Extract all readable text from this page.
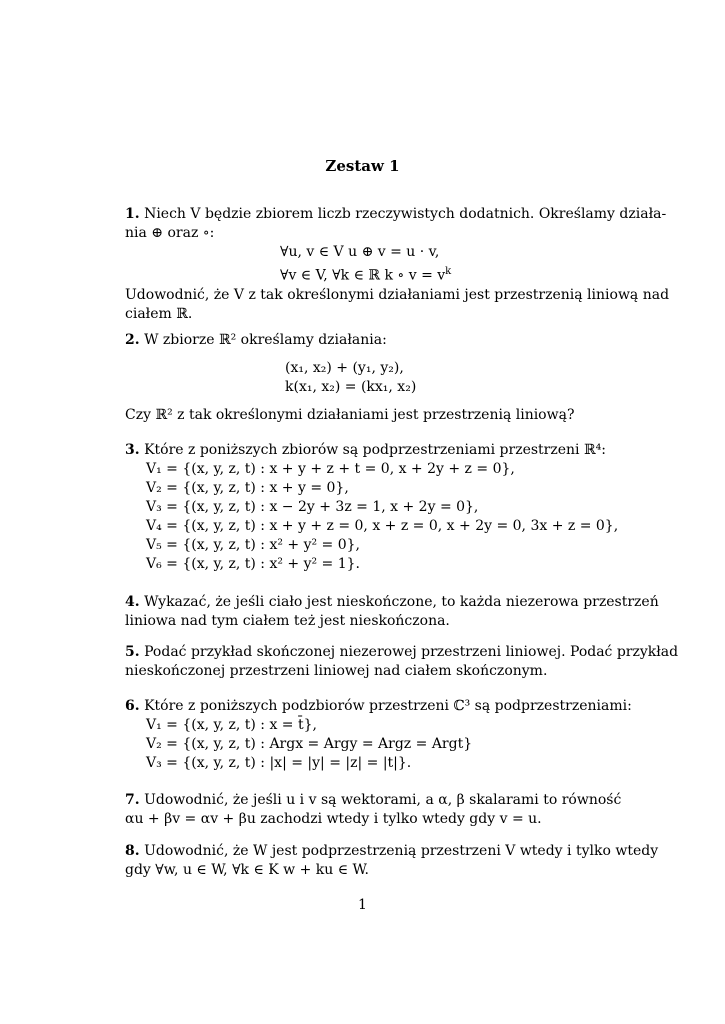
Zestaw 1
1. Niech V będzie zbiorem liczb rzeczywistych dodatnich. Określamy działa-
nia ⊕ oraz ∘:
∀u, v ∈ V u ⊕ v = u · v,
∀v ∈ V, ∀k ∈ ℝ k ∘ $v = v^k$
Udowodnić, że V z tak określonymi działaniami jest przestrzenią liniową nad
ciałem ℝ.
2. W zbiorze ℝ² określamy działania:
(x₁, x₂) + (y₁, y₂),
k(x₁, x₂) = (kx₁, x₂)
Czy ℝ² z tak określonymi działaniami jest przestrzenią liniową?
3. Które z poniższych zbiorów są podprzestrzeniami przestrzeni ℝ⁴:
V₁ = {(x, y, z, t) : x + y + z + t = 0, x + 2y + z = 0},
V₂ = {(x, y, z, t) : x + y = 0},
V₃ = {(x, y, z, t) : x − 2y + 3z = 1, x + 2y = 0},
V₄ = {(x, y, z, t) : x + y + z = 0, x + z = 0, x + 2y = 0, 3x + z = 0},
V₅ = {(x, y, z, t) : x² + y² = 0},
V₆ = {(x, y, z, t) : x² + y² = 1}.
4. Wykazać, że jeśli ciało jest nieskończone, to każda niezerowa przestrzeń
liniowa nad tym ciałem też jest nieskończona.
5. Podać przykład skończonej niezerowej przestrzeni liniowej. Podać przykład
nieskończonej przestrzeni liniowej nad ciałem skończonym.
6. Które z poniższych podzbiorów przestrzeni ℂ³ są podprzestrzeniami:
V₁ = {(x, y, z, t) : x = t̄},
V₂ = {(x, y, z, t) : Argx = Argy = Argz = Argt}
V₃ = {(x, y, z, t) : |x| = |y| = |z| = |t|}.
7. Udowodnić, że jeśli u i v są wektorami, a α, β skalarami to równość
αu + βv = αv + βu zachodzi wtedy i tylko wtedy gdy v = u.
8. Udowodnić, że W jest podprzestrzenią przestrzeni V wtedy i tylko wtedy
gdy ∀w, u ∈ W, ∀k ∈ K w + ku ∈ W.
1
